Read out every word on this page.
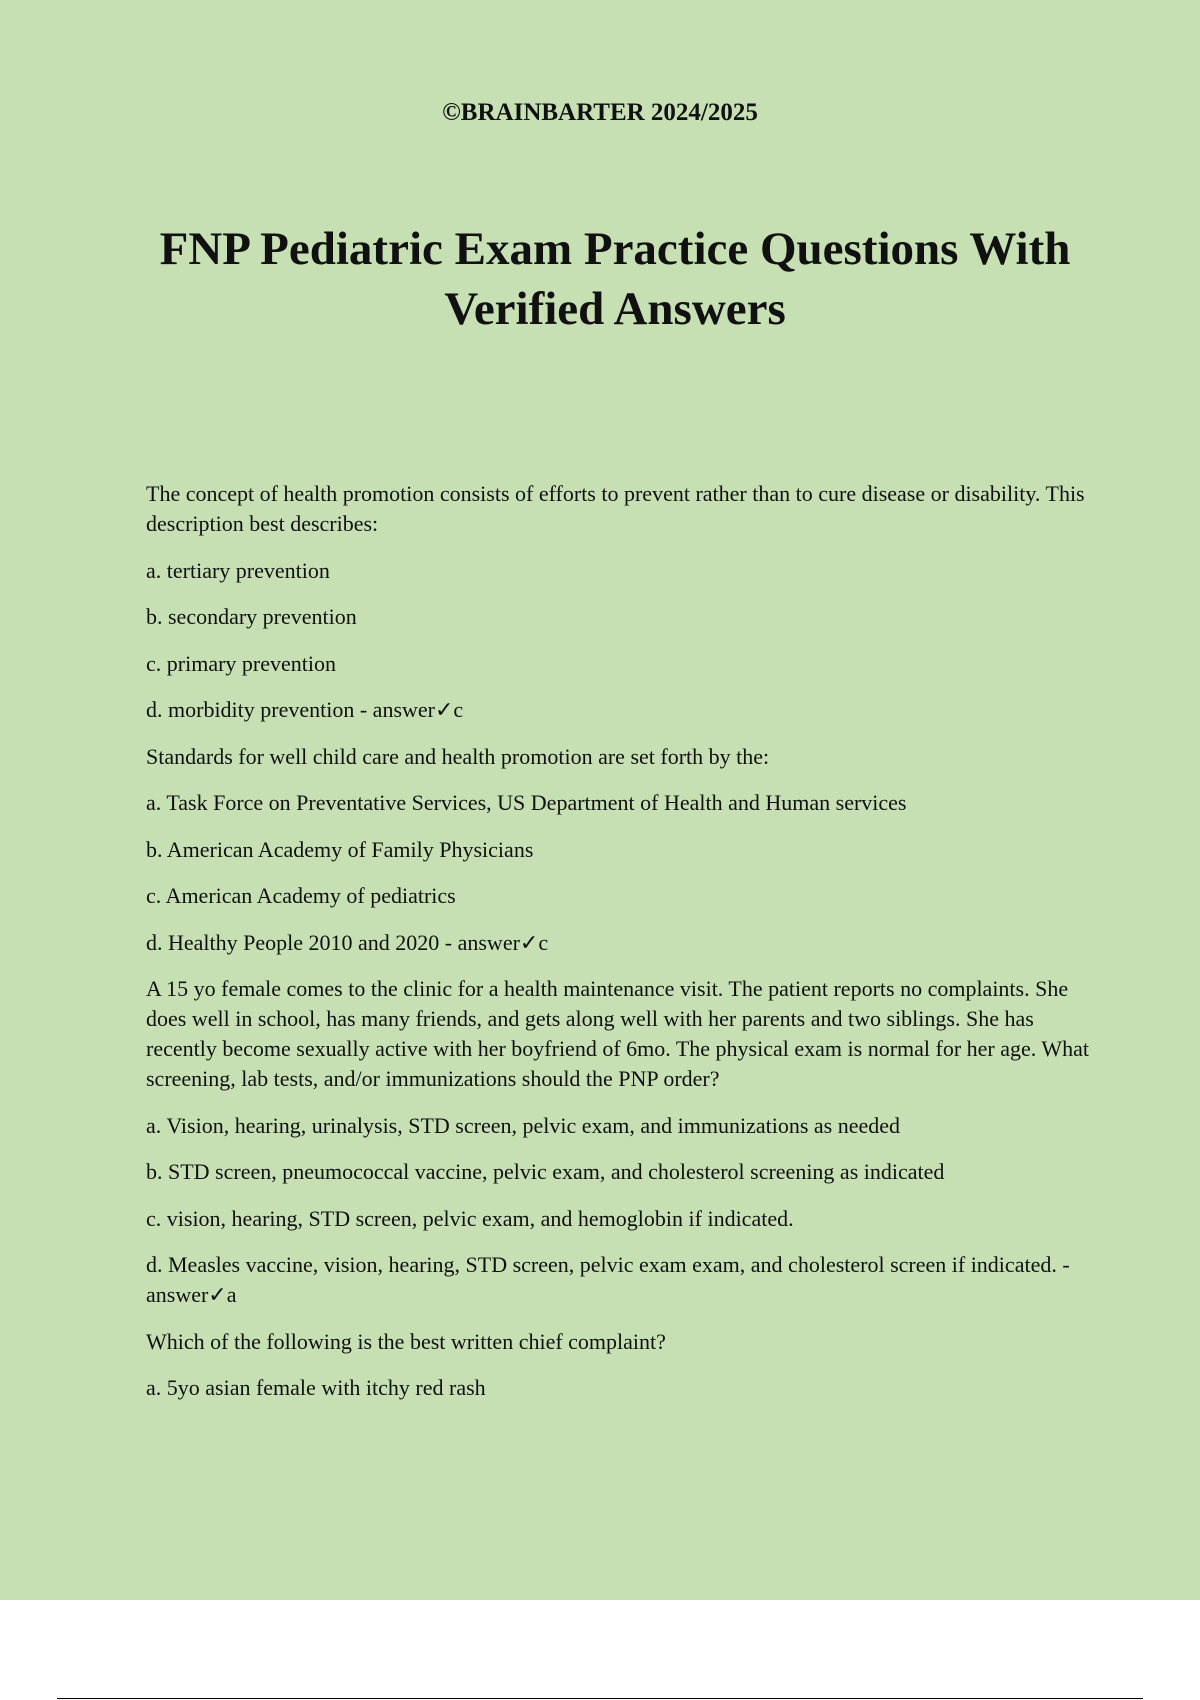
©BRAINBARTER 2024/2025
FNP Pediatric Exam Practice Questions With
Verified Answers

The concept of health promotion consists of efforts to prevent rather than to cure disease or disability. This description best describes:

a. tertiary prevention

b. secondary prevention

c. primary prevention

d. morbidity prevention - answer✓c

Standards for well child care and health promotion are set forth by the:

a. Task Force on Preventative Services, US Department of Health and Human services

b. American Academy of Family Physicians

c. American Academy of pediatrics

d. Healthy People 2010 and 2020 - answer✓c

A 15 yo female comes to the clinic for a health maintenance visit. The patient reports no complaints. She does well in school, has many friends, and gets along well with her parents and two siblings. She has recently become sexually active with her boyfriend of 6mo. The physical exam is normal for her age. What screening, lab tests, and/or immunizations should the PNP order?

a. Vision, hearing, urinalysis, STD screen, pelvic exam, and immunizations as needed

b. STD screen, pneumococcal vaccine, pelvic exam, and cholesterol screening as indicated

c. vision, hearing, STD screen, pelvic exam, and hemoglobin if indicated.

d. Measles vaccine, vision, hearing, STD screen, pelvic exam exam, and cholesterol screen if indicated. - answer✓a

Which of the following is the best written chief complaint?

a. 5yo asian female with itchy red rash
